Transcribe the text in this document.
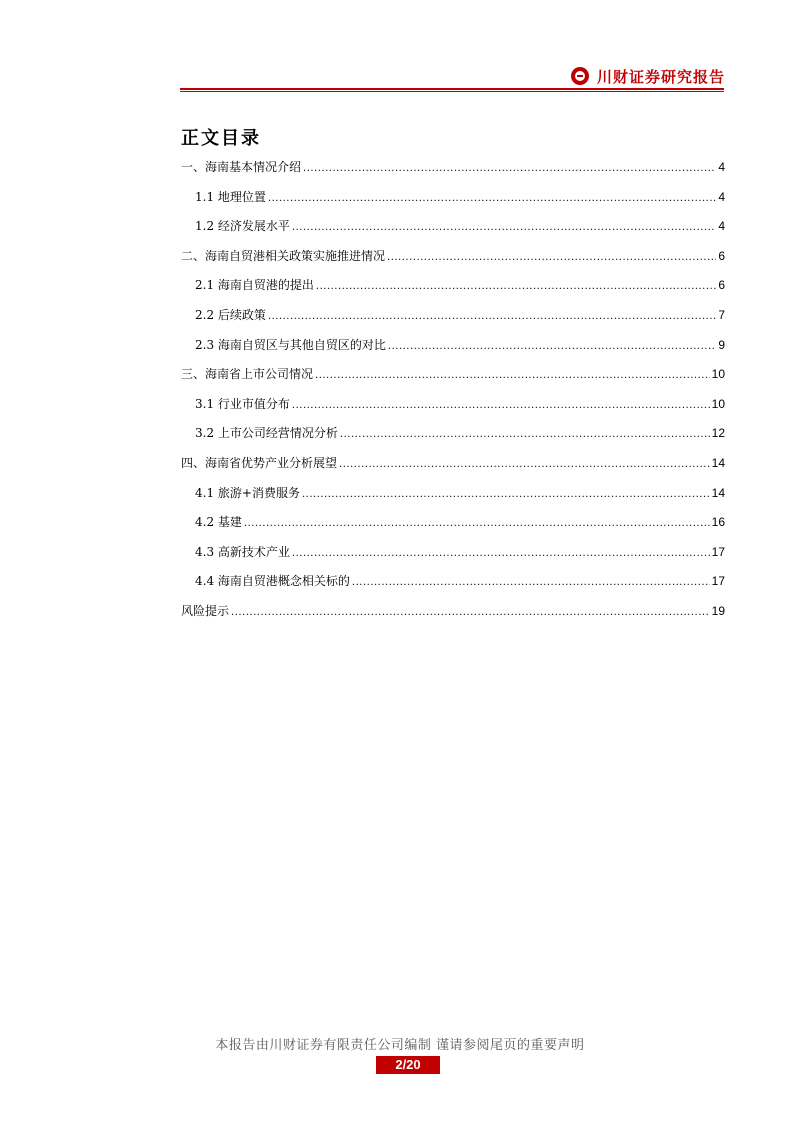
川财证券研究报告
正文目录
一、海南基本情况介绍 .....	4
1.1 地理位置 .....	4
1.2 经济发展水平 .....	4
二、海南自贸港相关政策实施推进情况 .....	6
2.1 海南自贸港的提出 .....	6
2.2 后续政策 .....	7
2.3 海南自贸区与其他自贸区的对比 .....	9
三、海南省上市公司情况 .....	10
3.1 行业市值分布 .....	10
3.2 上市公司经营情况分析 .....	12
四、海南省优势产业分析展望 .....	14
4.1 旅游+消费服务 .....	14
4.2 基建 .....	16
4.3 高新技术产业 .....	17
4.4 海南自贸港概念相关标的 .....	17
风险提示 .....	19
本报告由川财证券有限责任公司编制 谨请参阅尾页的重要声明
2/20
